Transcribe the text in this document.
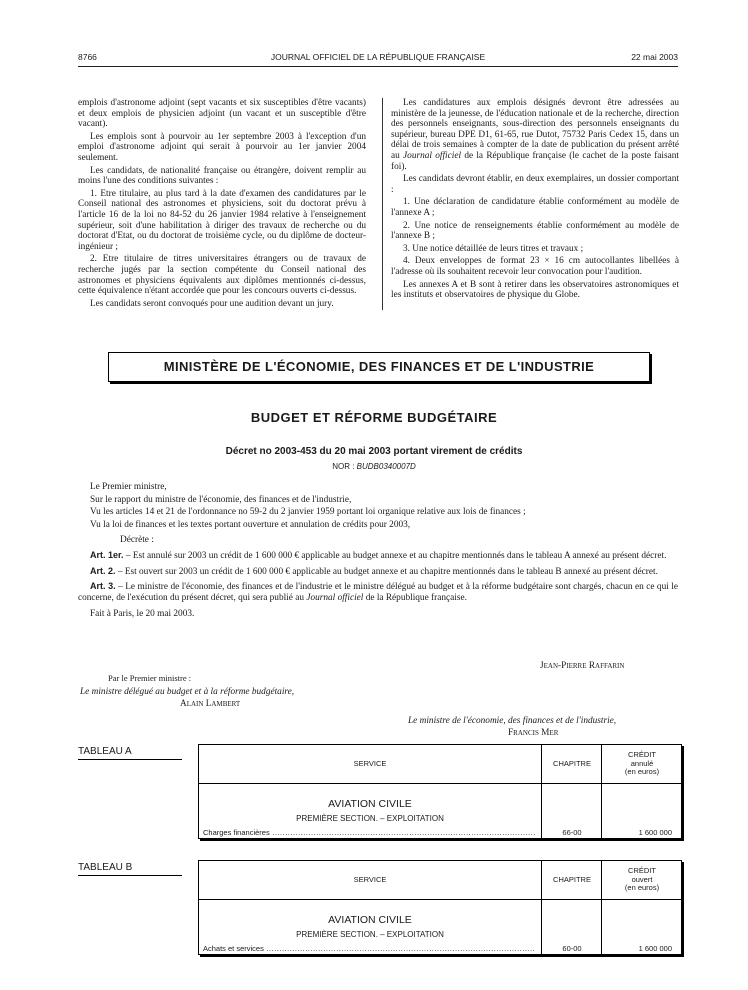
8766	JOURNAL OFFICIEL DE LA RÉPUBLIQUE FRANÇAISE	22 mai 2003

emplois d'astronome adjoint (sept vacants et six susceptibles d'être vacants) et deux emplois de physicien adjoint (un vacant et un susceptible d'être vacant).

Les emplois sont à pourvoir au 1er septembre 2003 à l'exception d'un emploi d'astronome adjoint qui serait à pourvoir au 1er janvier 2004 seulement.

Les candidats, de nationalité française ou étrangère, doivent remplir au moins l'une des conditions suivantes :

1. Etre titulaire, au plus tard à la date d'examen des candidatures par le Conseil national des astronomes et physiciens, soit du doctorat prévu à l'article 16 de la loi no 84-52 du 26 janvier 1984 relative à l'enseignement supérieur, soit d'une habilitation à diriger des travaux de recherche ou du doctorat d'Etat, ou du doctorat de troisième cycle, ou du diplôme de docteur-ingénieur ;

2. Etre titulaire de titres universitaires étrangers ou de travaux de recherche jugés par la section compétente du Conseil national des astronomes et physiciens équivalents aux diplômes mentionnés ci-dessus, cette équivalence n'étant accordée que pour les concours ouverts ci-dessus.

Les candidats seront convoqués pour une audition devant un jury.

Les candidatures aux emplois désignés devront être adressées au ministère de la jeunesse, de l'éducation nationale et de la recherche, direction des personnels enseignants, sous-direction des personnels enseignants du supérieur, bureau DPE D1, 61-65, rue Dutot, 75732 Paris Cedex 15, dans un délai de trois semaines à compter de la date de publication du présent arrêté au Journal officiel de la République française (le cachet de la poste faisant foi).

Les candidats devront établir, en deux exemplaires, un dossier comportant :

1. Une déclaration de candidature établie conformément au modèle de l'annexe A ;

2. Une notice de renseignements établie conformément au modèle de l'annexe B ;

3. Une notice détaillée de leurs titres et travaux ;

4. Deux enveloppes de format 23 × 16 cm autocollantes libellées à l'adresse où ils souhaitent recevoir leur convocation pour l'audition.

Les annexes A et B sont à retirer dans les observatoires astronomiques et les instituts et observatoires de physique du Globe.

MINISTÈRE DE L'ÉCONOMIE, DES FINANCES ET DE L'INDUSTRIE
BUDGET ET RÉFORME BUDGÉTAIRE
Décret no 2003-453 du 20 mai 2003 portant virement de crédits
NOR : BUDB0340007D

Le Premier ministre,

Sur le rapport du ministre de l'économie, des finances et de l'industrie,

Vu les articles 14 et 21 de l'ordonnance no 59-2 du 2 janvier 1959 portant loi organique relative aux lois de finances ;

Vu la loi de finances et les textes portant ouverture et annulation de crédits pour 2003,

Décrète :

Art. 1er. – Est annulé sur 2003 un crédit de 1 600 000 € applicable au budget annexe et au chapitre mentionnés dans le tableau A annexé au présent décret.

Art. 2. – Est ouvert sur 2003 un crédit de 1 600 000 € applicable au budget annexe et au chapitre mentionnés dans le tableau B annexé au présent décret.

Art. 3. – Le ministre de l'économie, des finances et de l'industrie et le ministre délégué au budget et à la réforme budgétaire sont chargés, chacun en ce qui le concerne, de l'exécution du présent décret, qui sera publié au Journal officiel de la République française.

Fait à Paris, le 20 mai 2003.

Jean-Pierre Raffarin
Par le Premier ministre :
Le ministre délégué au budget et à la réforme budgétaire,
Alain Lambert
Le ministre de l'économie, des finances et de l'industrie,
Francis Mer
TABLEAU A
SERVICE	CHAPITRE
CRÉDIT
annulé
(en euros)
AVIATION CIVILE
PREMIÈRE SECTION. – EXPLOITATION
Charges financières .....	66-00	1 600 000
TABLEAU B
SERVICE	CHAPITRE
CRÉDIT
ouvert
(en euros)
AVIATION CIVILE
PREMIÈRE SECTION. – EXPLOITATION
Achats et services .....	60-00	1 600 000
